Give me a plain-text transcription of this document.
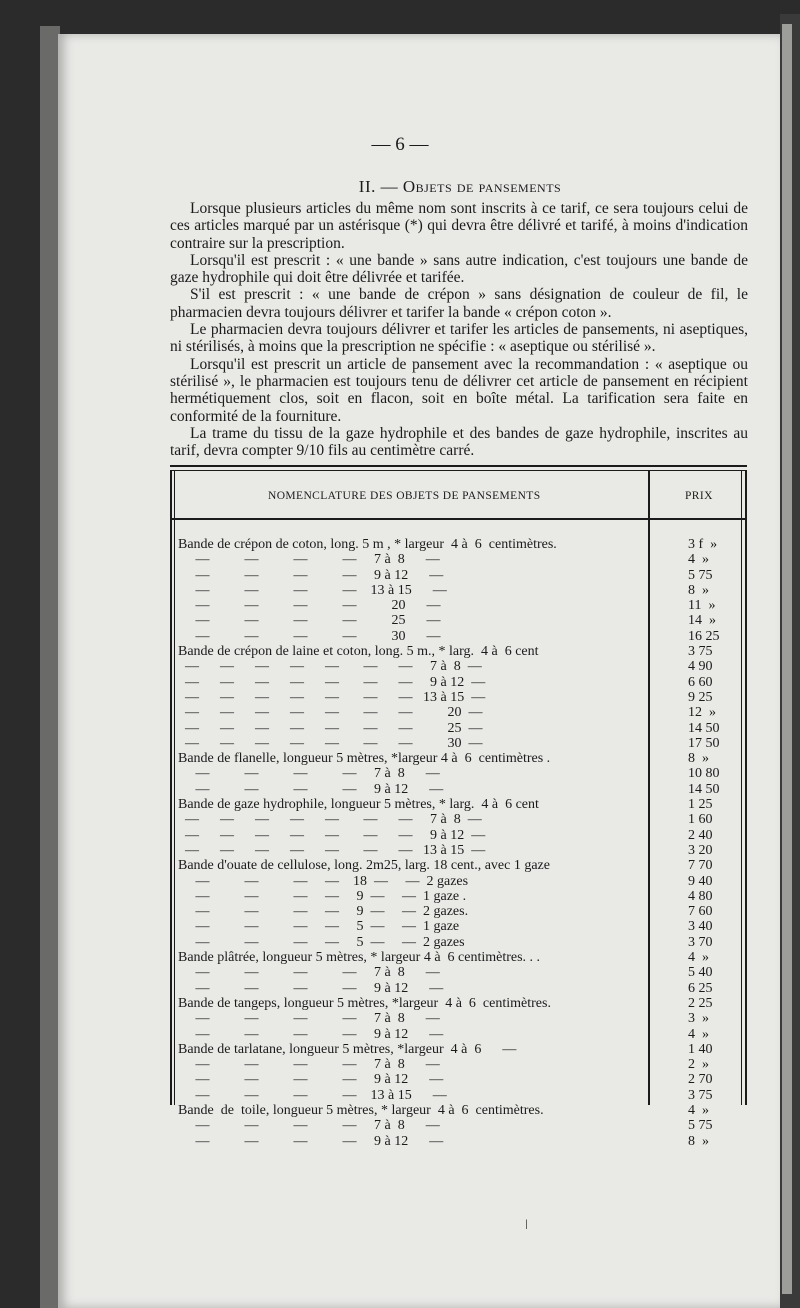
— 6 —
II. — Objets de pansements

Lorsque plusieurs articles du même nom sont inscrits à ce tarif, ce sera toujours celui de ces articles marqué par un astérisque (*) qui devra être délivré et tarifé, à moins d'indication contraire sur la prescription.

Lorsqu'il est prescrit : « une bande » sans autre indication, c'est toujours une bande de gaze hydrophile qui doit être délivrée et tarifée.

S'il est prescrit : « une bande de crépon » sans désignation de couleur de fil, le pharmacien devra toujours délivrer et tarifer la bande « crépon coton ».

Le pharmacien devra toujours délivrer et tarifer les articles de pansements, ni aseptiques, ni stérilisés, à moins que la prescription ne spécifie : « aseptique ou stérilisé ».

Lorsqu'il est prescrit un article de pansement avec la recommandation : « aseptique ou stérilisé », le pharmacien est toujours tenu de délivrer cet article de pansement en récipient hermétiquement clos, soit en flacon, soit en boîte métal. La tarification sera faite en conformité de la fourniture.

La trame du tissu de la gaze hydrophile et des bandes de gaze hydrophile, inscrites au tarif, devra compter 9/10 fils au centimètre carré.

NOMENCLATURE DES OBJETS DE PANSEMENTS	PRIX
Bande de crépon de coton, long. 5 m , * largeur  4 à  6  centimètres.	3 f  »
—          —          —          —     7 à  8      —	4  »
—          —          —          —     9 à 12      —	5 75
—          —          —          —    13 à 15      —	8  »
—          —          —          —          20      —	11  »
—          —          —          —          25      —	14  »
—          —          —          —          30      —	16 25
Bande de crépon de laine et coton, long. 5 m., * larg.  4 à  6 cent	3 75
—      —      —      —      —       —      —     7 à  8  —	4 90
—      —      —      —      —       —      —     9 à 12  —	6 60
—      —      —      —      —       —      —   13 à 15  —	9 25
—      —      —      —      —       —      —          20  —	12  »
—      —      —      —      —       —      —          25  —	14 50
—      —      —      —      —       —      —          30  —	17 50
Bande de flanelle, longueur 5 mètres, *largeur 4 à  6  centimètres .	8  »
—          —          —          —     7 à  8      —	10 80
—          —          —          —     9 à 12      —	14 50
Bande de gaze hydrophile, longueur 5 mètres, * larg.  4 à  6 cent	1 25
—      —      —      —      —       —      —     7 à  8  —	1 60
—      —      —      —      —       —      —     9 à 12  —	2 40
—      —      —      —      —       —      —   13 à 15  —	3 20
Bande d'ouate de cellulose, long. 2m25, larg. 18 cent., avec 1 gaze	7 70
—          —          —     —    18  —     —  2 gazes	9 40
—          —          —     —     9  —     —  1 gaze .	4 80
—          —          —     —     9  —     —  2 gazes.	7 60
—          —          —     —     5  —     —  1 gaze	3 40
—          —          —     —     5  —     —  2 gazes	3 70
Bande plâtrée, longueur 5 mètres, * largeur 4 à  6 centimètres. . .	4  »
—          —          —          —     7 à  8      —	5 40
—          —          —          —     9 à 12      —	6 25
Bande de tangeps, longueur 5 mètres, *largeur  4 à  6  centimètres.	2 25
—          —          —          —     7 à  8      —	3  »
—          —          —          —     9 à 12      —	4  »
Bande de tarlatane, longueur 5 mètres, *largeur  4 à  6      —	1 40
—          —          —          —     7 à  8      —	2  »
—          —          —          —     9 à 12      —	2 70
—          —          —          —    13 à 15      —	3 75
Bande  de  toile, longueur 5 mètres, * largeur  4 à  6  centimètres.	4  »
—          —          —          —     7 à  8      —	5 75
—          —          —          —     9 à 12      —	8  »
ǀ
